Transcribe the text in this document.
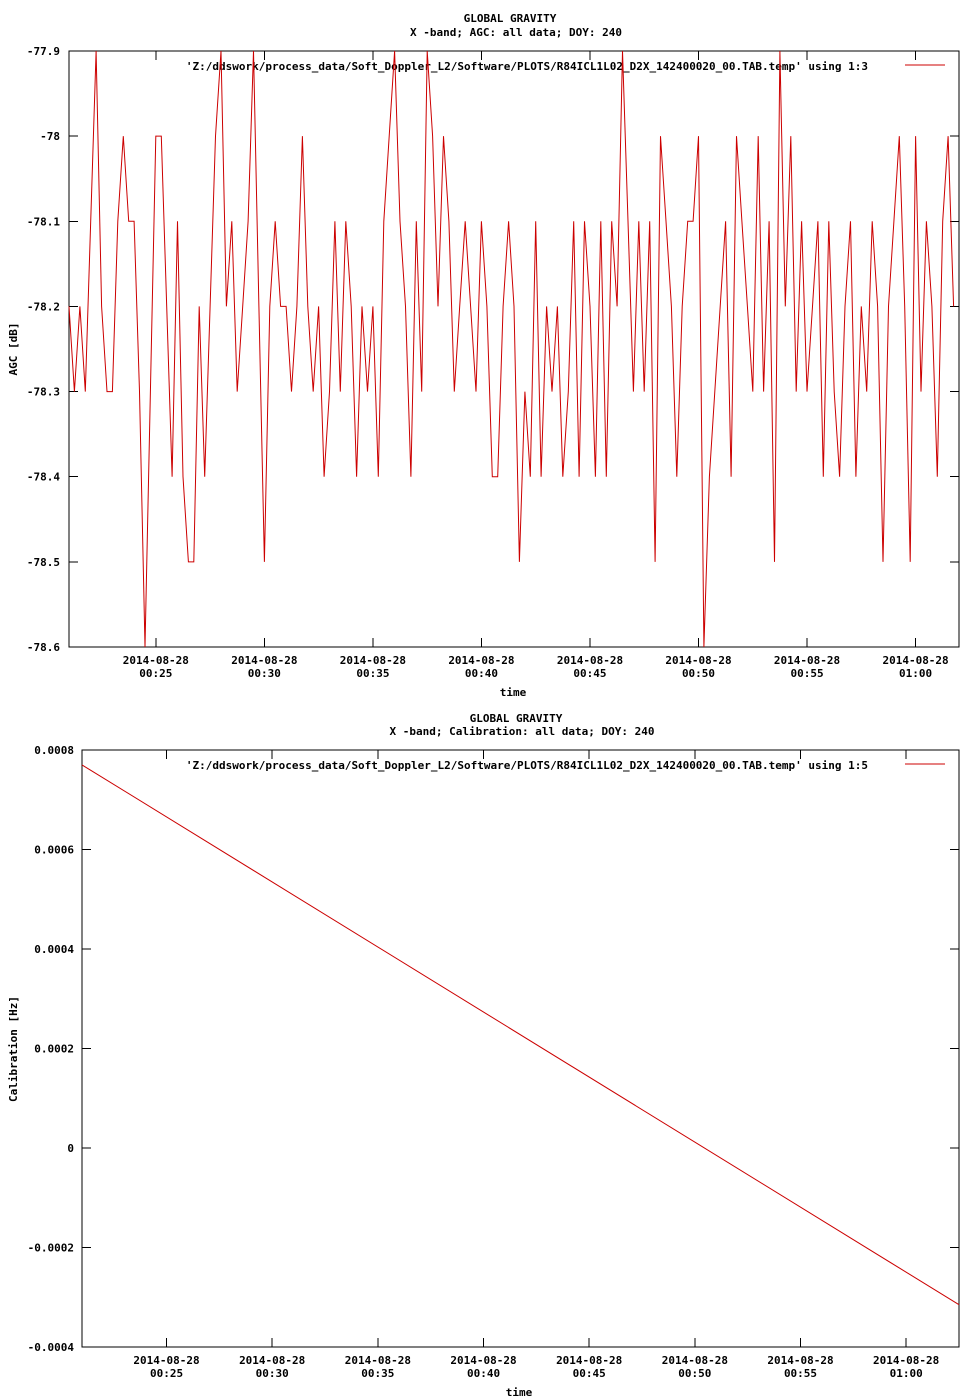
GLOBAL GRAVITY
X -band; AGC: all data; DOY: 240
-77.9
-78
-78.1
-78.2
-78.3
-78.4
-78.5
-78.6
2014-08-28
00:25
2014-08-28
00:30
2014-08-28
00:35
2014-08-28
00:40
2014-08-28
00:45
2014-08-28
00:50
2014-08-28
00:55
2014-08-28
01:00
AGC [dB]
time
'Z:/ddswork/process_data/Soft_Doppler_L2/Software/PLOTS/R84ICL1L02_D2X_142400020_00.TAB.temp' using 1:3
GLOBAL GRAVITY
X -band; Calibration: all data; DOY: 240
0.0008
0.0006
0.0004
0.0002
0
-0.0002
-0.0004
2014-08-28
00:25
2014-08-28
00:30
2014-08-28
00:35
2014-08-28
00:40
2014-08-28
00:45
2014-08-28
00:50
2014-08-28
00:55
2014-08-28
01:00
Calibration [Hz]
time
'Z:/ddswork/process_data/Soft_Doppler_L2/Software/PLOTS/R84ICL1L02_D2X_142400020_00.TAB.temp' using 1:5
